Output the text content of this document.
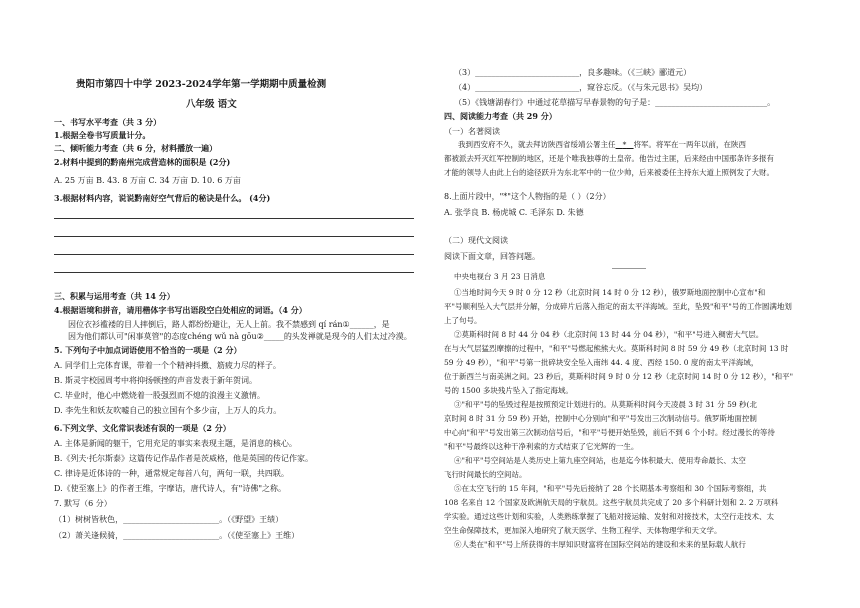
贵阳市第四十中学 2023-2024学年第一学期期中质量检测
八年级 语文
一、书写水平考查（共 3 分）
1.根据全卷书写质量计分。
二、倾听能力考查（共 6 分，材料播放一遍）
2.材料中提到的黔南州完成营造林的面积是 (2分)
A. 25 万亩 B. 43. 8 万亩 C. 34 万亩 D. 10. 6 万亩
3.根据材料内容，说说黔南好空气背后的秘诀是什么。 (4分)
三、积累与运用考查（共 14 分）
4.根据语境和拼音，请用楷体字书写出语段空白处相应的词语。（4 分）
因位衣衫褴褛的目人摔倒后，路人都纷纷避让，无人上前。我不禁感到 qí rán①______，是
因为他们都认可"闲事莫管"的态度chéng wǔ nà gōu②_____的头发禅就是现今的人们太过冷漠。
5. 下列句子中加点词语使用不恰当的一项是（2 分）
A. 同学们上完体育课，带着一个个精神抖擞、筋疲力尽的样子。
B. 斯灵宇校园周考中将抑扬顿挫的声音发表于新年贺词。
C. 毕业时，他心中燃烧着一股强烈而不熄的浪漫主义激情。
D. 李先生和妖友吹嘘自己的独立国有个多少亩，上万人的兵力。
6.下列文学、文化常识表述有误的一项是（2 分）
A. 主体是新闻的躯干，它用充足的事实来表现主题，是消息的核心。
B.《列夫·托尔斯泰》这篇传记作品作者是茨威格，他是英国的传记作家。
C. 律诗是近体诗的一种，通常规定每首八句，两句一联，共四联。
D.《使至塞上》的作者王维，字摩诘，唐代诗人，有"诗佛"之称。
7. 默写（6 分）
（1）树树皆秋色，________________________。（《野望》王绩）
（2）萧关逢候骑，________________________。（《使至塞上》王维）
（3）__________________________，良多趣味。（《三峡》郦道元）
（4）__________________________，窥谷忘反。（《与朱元思书》吴均）
（5）《钱塘湖春行》中通过花草描写早春景物的句子是：____________________________。
四、阅读能力考查（共 29 分）
（一）名著阅读
我到西安府不久，就去拜访陕西省绥靖公署主任 * 将军。将军在一两年以前，在陕西
都被派去歼灭红军控制的地区，还是个唯我独尊的土皇帝。他告过主匪，后来经由中国那条许多报有
才能的领导人由此上台的途径跃升为东北军中的一位少帅，后来被委任主持东大道上照例发了大财。
8.上面片段中，"*"这个人物指的是（ ）（2分）
A. 张学良 B. 杨虎城 C. 毛泽东 D. 朱德
（二）现代文阅读
阅读下面文章，回答问题。
中央电视台 3 月 23 日消息
①当地时间今天 9 时 0 分 12 秒（北京时间 14 时 0 分 12 秒），俄罗斯地面控制中心宣布"和
平"号顺利坠入大气层并分解，分成碎片后落入指定的南太平洋海域。至此，坠毁"和平"号的工作圆满地划
上了句号。
②莫斯科时间 8 时 44 分 04 秒（北京时间 13 时 44 分 04 秒），"和平"号进入稠密大气层。
在与大气层猛烈摩擦的过程中，"和平"号燃起熊熊大火。莫斯科时间 8 时 59 分 49 秒（北京时间 13 时
59 分 49 秒），"和平"号第一批碎块安全坠入南纬 44. 4 度、西经 150. 0 度的南太平洋海域，
位于新西兰与南美洲之间。23 秒后，莫斯科时间 9 时 0 分 12 秒（北京时间 14 时 0 分 12 秒），"和平"
号的 1500 多块残片坠入了指定海域。
③"和平"号的坠毁过程是按照预定计划进行的。从莫斯科时间今天凌晨 3 时 31 分 59 秒(北
京时间 8 时 31 分 59 秒) 开始，控制中心分别向"和平"号发出三次制动信号。俄罗斯地面控制
中心向"和平"号发出第三次制动信号后，"和平"号便开始坠毁，前后不到 6 个小时。经过漫长的等待
"和平"号最终以这种干净利索的方式结束了它光辉的一生。
④"和平"号空间站是人类历史上第九座空间站，也是迄今体积最大、使用寿命最长、太空
飞行时间最长的空间站。
⑤在太空飞行的 15 年间，"和平"号先后接纳了 28 个长期基本考察组和 30 个国际考察组，共
108 名来自 12 个国家及欧洲航天局的宇航员。这些宇航员共完成了 20 多个科研计划和 2. 2 万项科
学实验。通过这些计划和实验，人类熟练掌握了飞船对接运输、发射和对接技术，太空行走技术、太
空生命保障技术，更加深入地研究了航天医学、生物工程学、天体物理学和天文学。
⑥人类在"和平"号上所获得的丰厚知识财富将在国际空间站的建设和未来的星际载人航行
